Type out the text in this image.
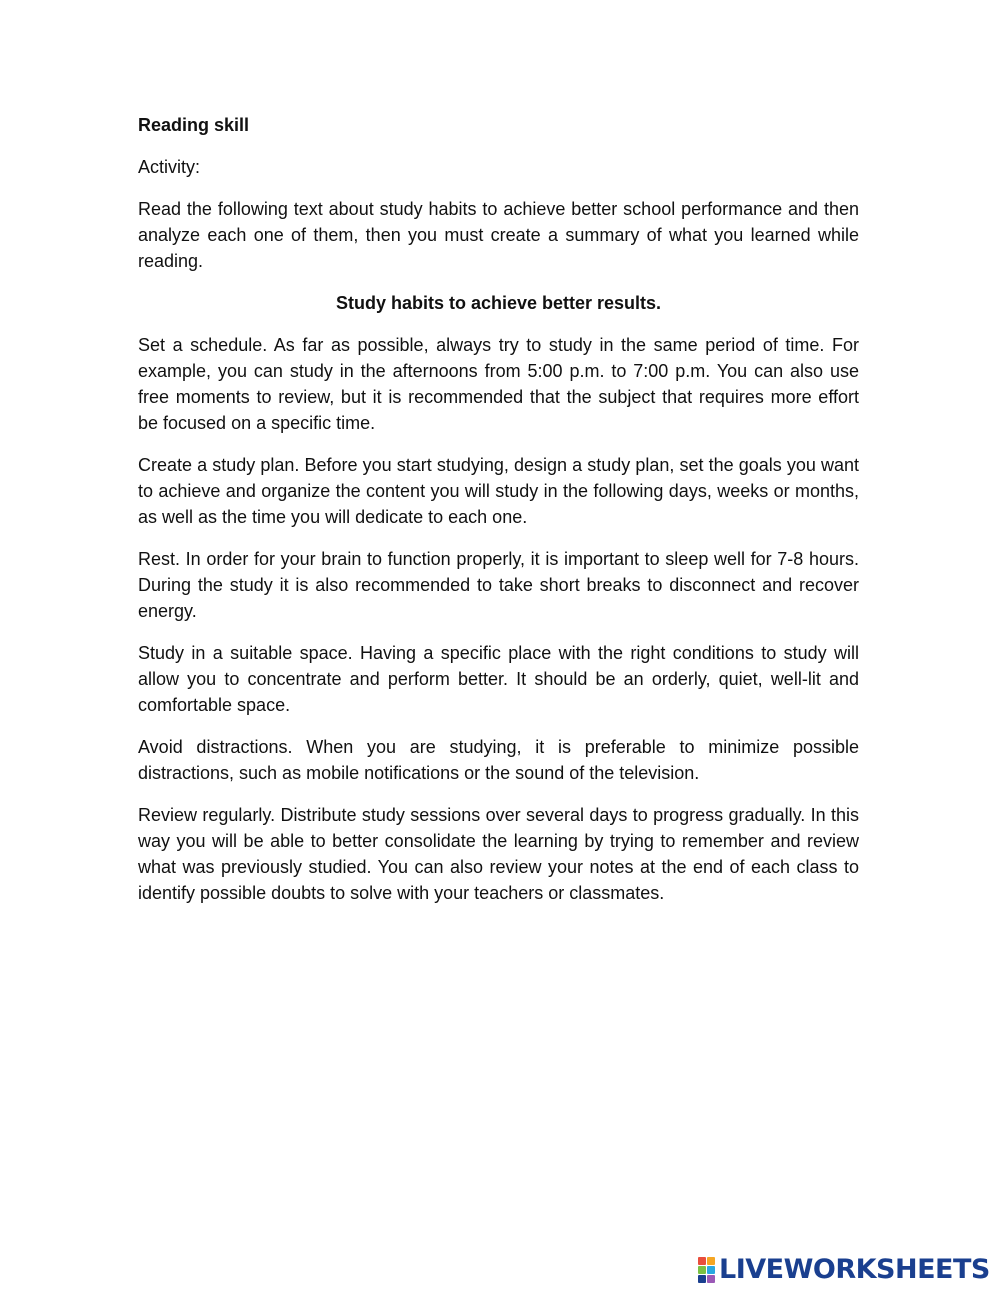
Reading skill

Activity:

Read the following text about study habits to achieve better school performance and then analyze each one of them, then you must create a summary of what you learned while reading.

Study habits to achieve better results.

Set a schedule. As far as possible, always try to study in the same period of time. For example, you can study in the afternoons from 5:00 p.m. to 7:00 p.m. You can also use free moments to review, but it is recommended that the subject that requires more effort be focused on a specific time.

Create a study plan. Before you start studying, design a study plan, set the goals you want to achieve and organize the content you will study in the following days, weeks or months, as well as the time you will dedicate to each one.

Rest. In order for your brain to function properly, it is important to sleep well for 7-8 hours. During the study it is also recommended to take short breaks to disconnect and recover energy.

Study in a suitable space. Having a specific place with the right conditions to study will allow you to concentrate and perform better. It should be an orderly, quiet, well-lit and comfortable space.

Avoid distractions. When you are studying, it is preferable to minimize possible distractions, such as mobile notifications or the sound of the television.

Review regularly. Distribute study sessions over several days to progress gradually. In this way you will be able to better consolidate the learning by trying to remember and review what was previously studied. You can also review your notes at the end of each class to identify possible doubts to solve with your teachers or classmates.

LIVEWORKSHEETS
